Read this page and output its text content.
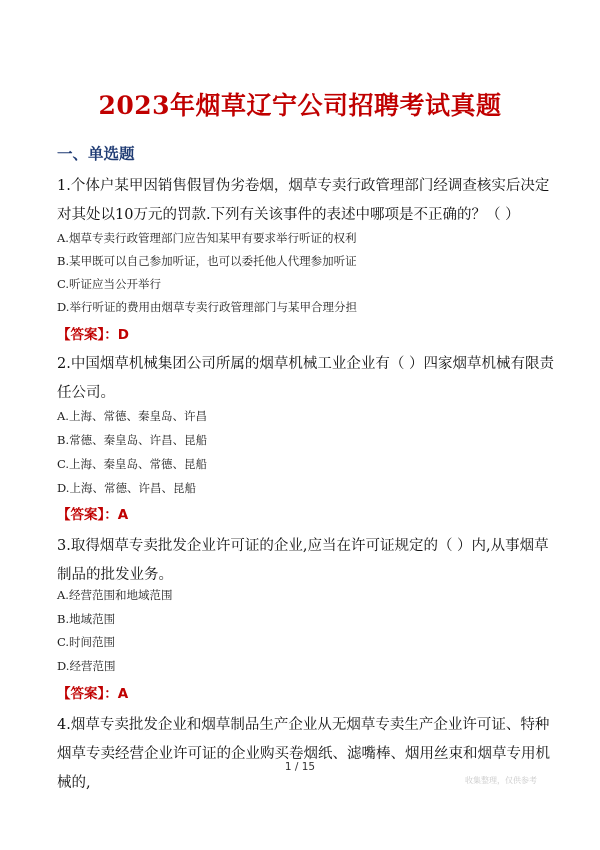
2023年烟草辽宁公司招聘考试真题
一、单选题
1.个体户某甲因销售假冒伪劣卷烟，烟草专卖行政管理部门经调查核实后决定对其处以10万元的罚款.下列有关该事件的表述中哪项是不正确的？（ ）
A.烟草专卖行政管理部门应告知某甲有要求举行听证的权利
B.某甲既可以自己参加听证，也可以委托他人代理参加听证
C.听证应当公开举行
D.举行听证的费用由烟草专卖行政管理部门与某甲合理分担
【答案】：D
2.中国烟草机械集团公司所属的烟草机械工业企业有（ ）四家烟草机械有限责任公司。
A.上海、常德、秦皇岛、许昌
B.常德、秦皇岛、许昌、昆船
C.上海、秦皇岛、常德、昆船
D.上海、常德、许昌、昆船
【答案】：A
3.取得烟草专卖批发企业许可证的企业,应当在许可证规定的（ ）内,从事烟草制品的批发业务。
A.经营范围和地域范围
B.地域范围
C.时间范围
D.经营范围
【答案】：A
4.烟草专卖批发企业和烟草制品生产企业从无烟草专卖生产企业许可证、特种烟草专卖经营企业许可证的企业购买卷烟纸、滤嘴棒、烟用丝束和烟草专用机械的,
1 / 15
收集整理，仅供参考
